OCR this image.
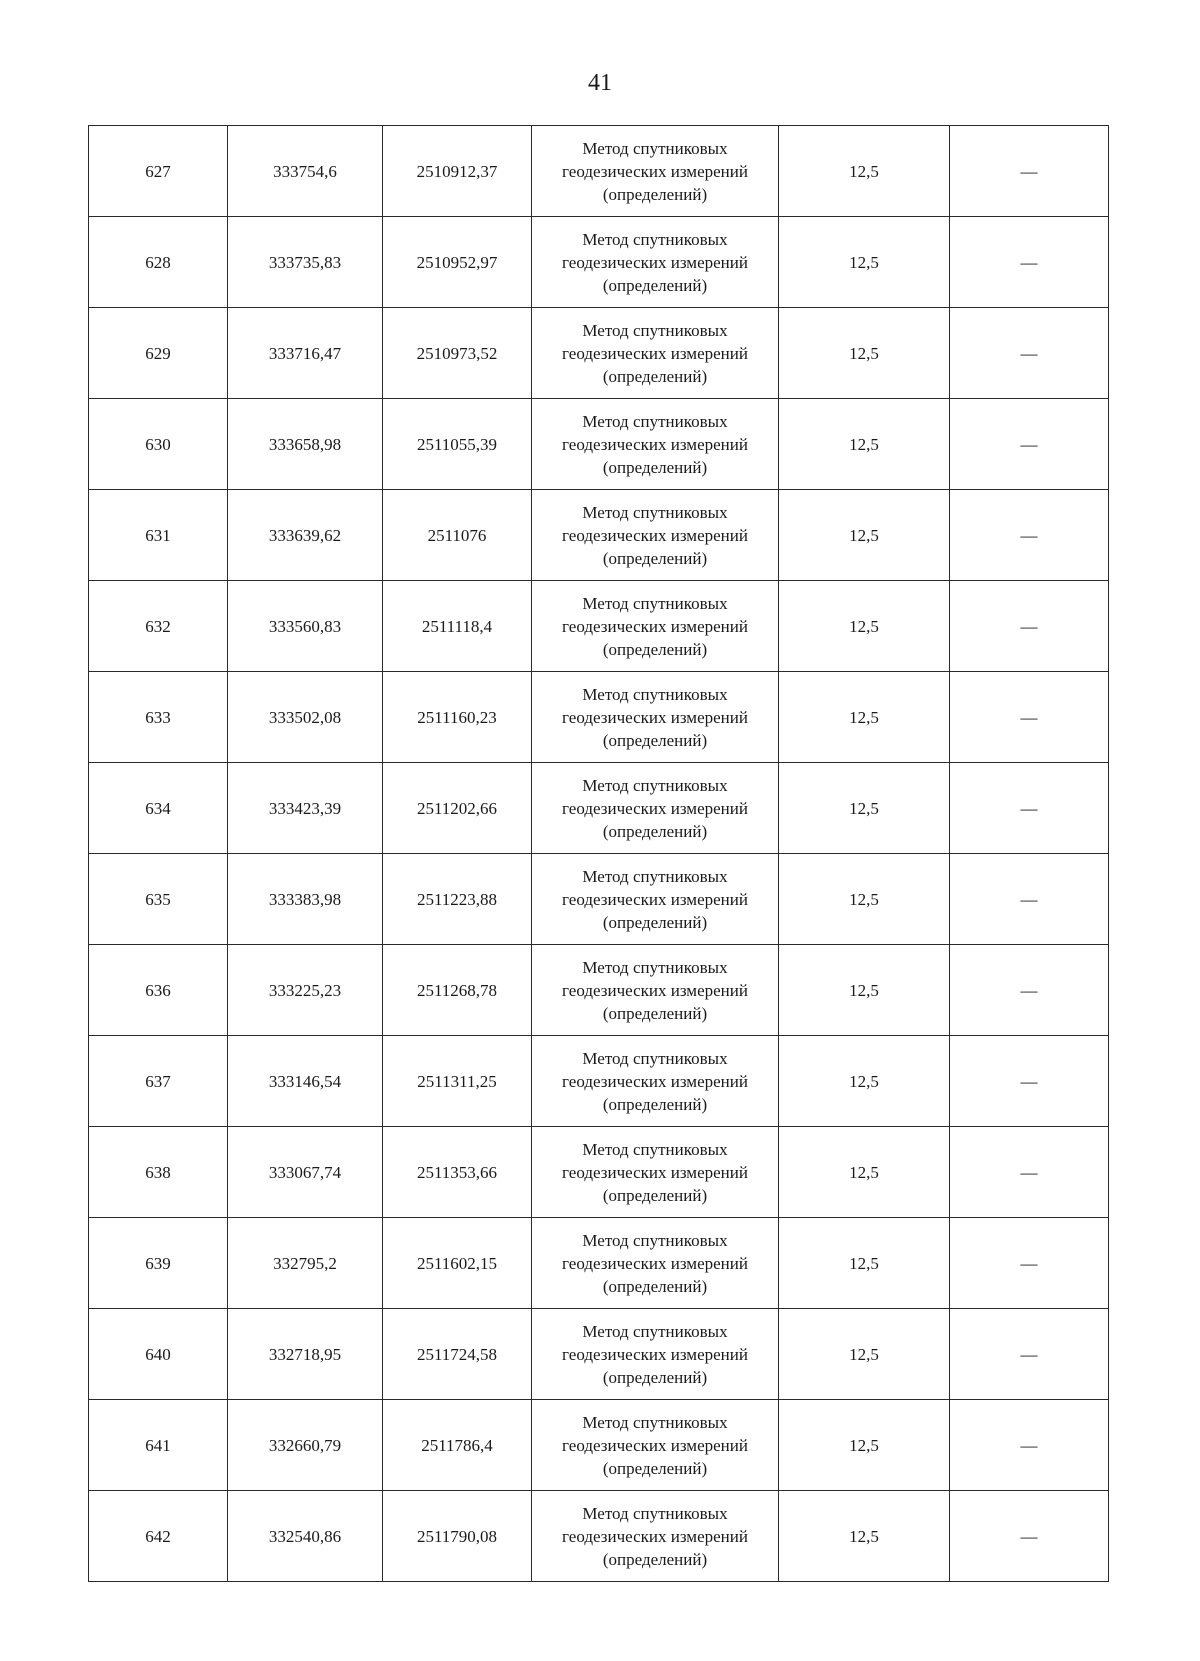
41
627	333754,6	2510912,37	Метод спутниковых
геодезических измерений
(определений)	12,5	—
628	333735,83	2510952,97	Метод спутниковых
геодезических измерений
(определений)	12,5	—
629	333716,47	2510973,52	Метод спутниковых
геодезических измерений
(определений)	12,5	—
630	333658,98	2511055,39	Метод спутниковых
геодезических измерений
(определений)	12,5	—
631	333639,62	2511076	Метод спутниковых
геодезических измерений
(определений)	12,5	—
632	333560,83	2511118,4	Метод спутниковых
геодезических измерений
(определений)	12,5	—
633	333502,08	2511160,23	Метод спутниковых
геодезических измерений
(определений)	12,5	—
634	333423,39	2511202,66	Метод спутниковых
геодезических измерений
(определений)	12,5	—
635	333383,98	2511223,88	Метод спутниковых
геодезических измерений
(определений)	12,5	—
636	333225,23	2511268,78	Метод спутниковых
геодезических измерений
(определений)	12,5	—
637	333146,54	2511311,25	Метод спутниковых
геодезических измерений
(определений)	12,5	—
638	333067,74	2511353,66	Метод спутниковых
геодезических измерений
(определений)	12,5	—
639	332795,2	2511602,15	Метод спутниковых
геодезических измерений
(определений)	12,5	—
640	332718,95	2511724,58	Метод спутниковых
геодезических измерений
(определений)	12,5	—
641	332660,79	2511786,4	Метод спутниковых
геодезических измерений
(определений)	12,5	—
642	332540,86	2511790,08	Метод спутниковых
геодезических измерений
(определений)	12,5	—
